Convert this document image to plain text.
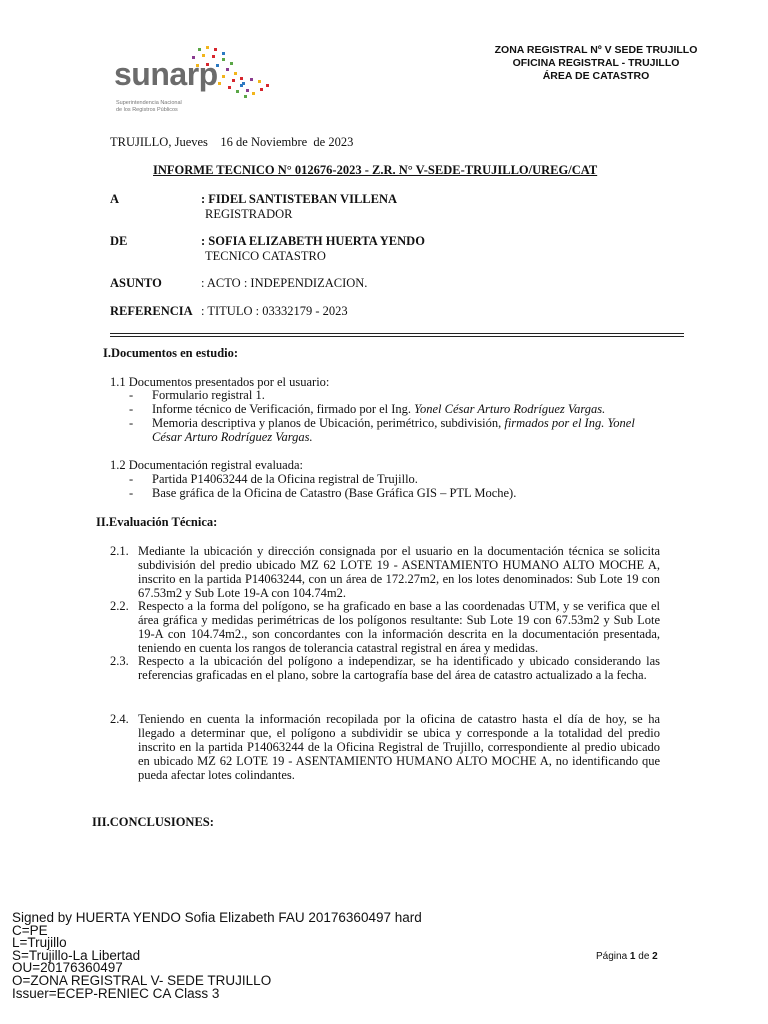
sunarp
Superintendencia Nacional
de los Registros Públicos
ZONA REGISTRAL Nº V SEDE TRUJILLO
OFICINA REGISTRAL - TRUJILLO
ÁREA DE CATASTRO
TRUJILLO, Jueves    16 de Noviembre  de 2023
INFORME TECNICO N° 012676-2023 - Z.R. N° V-SEDE-TRUJILLO/UREG/CAT
A	: FIDEL SANTISTEBAN VILLENA
REGISTRADOR
DE	: SOFIA ELIZABETH HUERTA YENDO
TECNICO CATASTRO
ASUNTO	: ACTO : INDEPENDIZACION.
REFERENCIA : TITULO : 03332179 - 2023
I.Documentos en estudio:
1.1 Documentos presentados por el usuario:
- Formulario registral 1.
- Informe técnico de Verificación, firmado por el Ing. Yonel César Arturo Rodríguez Vargas.
- Memoria descriptiva y planos de Ubicación, perimétrico, subdivisión, firmados por el Ing. Yonel
César Arturo Rodríguez Vargas.
1.2 Documentación registral evaluada:
- Partida P14063244 de la Oficina registral de Trujillo.
- Base gráfica de la Oficina de Catastro (Base Gráfica GIS – PTL Moche).
II.Evaluación Técnica:
2.1. Mediante la ubicación y dirección consignada por el usuario en la documentación técnica se solicita subdivisión del predio ubicado MZ 62 LOTE 19 - ASENTAMIENTO HUMANO ALTO MOCHE A, inscrito en la partida P14063244, con un área de 172.27m2, en los lotes denominados: Sub Lote 19 con 67.53m2 y Sub Lote 19-A con 104.74m2.
2.2. Respecto a la forma del polígono, se ha graficado en base a las coordenadas UTM, y se verifica que el área gráfica y medidas perimétricas de los polígonos resultante: Sub Lote 19 con 67.53m2 y Sub Lote 19-A con 104.74m2., son concordantes con la información descrita en la documentación presentada, teniendo en cuenta los rangos de tolerancia catastral registral en área y medidas.
2.3. Respecto a la ubicación del polígono a independizar, se ha identificado y ubicado considerando las referencias graficadas en el plano, sobre la cartografía base del área de catastro actualizado a la fecha.
2.4. Teniendo en cuenta la información recopilada por la oficina de catastro hasta el día de hoy, se ha llegado a determinar que, el polígono a subdividir se ubica y corresponde a la totalidad del predio inscrito en la partida P14063244 de la Oficina Registral de Trujillo, correspondiente al predio ubicado en ubicado MZ 62 LOTE 19 - ASENTAMIENTO HUMANO ALTO MOCHE A, no identificando que pueda afectar lotes colindantes.
III.CONCLUSIONES:
Signed by HUERTA YENDO Sofia Elizabeth FAU 20176360497 hard
C=PE
L=Trujillo
S=Trujillo-La Libertad
OU=20176360497
O=ZONA REGISTRAL V- SEDE TRUJILLO
Issuer=ECEP-RENIEC CA Class 3
Página 1 de 2
